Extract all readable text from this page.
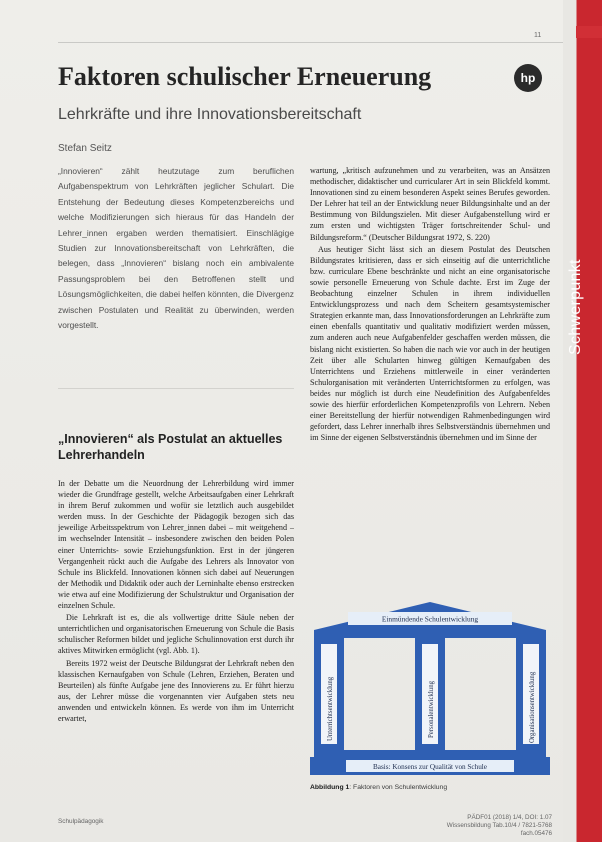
11
Schwerpunkt
hp
Faktoren schulischer Erneuerung
Lehrkräfte und ihre Innovationsbereitschaft
Stefan Seitz

„Innovieren“ zählt heutzutage zum beruflichen Aufgabenspektrum von Lehrkräften jeglicher Schulart. Die Entstehung der Bedeutung dieses Kompetenzbereichs und welche Modifizierungen sich hieraus für das Handeln der Lehrer_innen ergaben werden thematisiert. Einschlägige Studien zur Innovationsbereitschaft von Lehrkräften, die belegen, dass „Innovieren“ bislang noch ein ambivalente Passungsproblem bei den Betroffenen stellt und Lösungsmöglichkeiten, die dabei helfen könnten, die Divergenz zwischen Postulaten und Realität zu überwinden, werden vorgestellt.

„Innovieren“ als Postulat an aktuelles Lehrerhandeln

In der Debatte um die Neuordnung der Lehrerbildung wird immer wieder die Grundfrage gestellt, welche Arbeitsaufgaben einer Lehrkraft in ihrem Beruf zukommen und wofür sie letztlich auch ausgebildet werden muss. In der Geschichte der Pädagogik bezogen sich das jeweilige Arbeitsspektrum von Lehrer_innen dabei – mit weitgehend – im wechselnder Intensität – insbesondere zwischen den beiden Polen einer Unterrichts- sowie Erziehungsfunktion. Erst in der jüngeren Vergangenheit rückt auch die Aufgabe des Lehrers als Innovator von Schule ins Blickfeld. Innovationen können sich dabei auf Neuerungen der Methodik und Didaktik oder auch der Lerninhalte ebenso erstrecken wie etwa auf eine Modifizierung der Schulstruktur und Organisation der einzelnen Schule.

Die Lehrkraft ist es, die als vollwertige dritte Säule neben der unterrichtlichen und organisatorischen Erneuerung von Schule die Basis schulischer Reformen bildet und jegliche Schulinnovation erst durch ihr aktives Mitwirken ermöglicht (vgl. Abb. 1).

Bereits 1972 weist der Deutsche Bildungsrat der Lehrkraft neben den klassischen Kernaufgaben von Schule (Lehren, Erziehen, Beraten und Beurteilen) als fünfte Aufgabe jene des Innovierens zu. Er führt hierzu aus, der Lehrer müsse die vorgenannten vier Aufgaben stets neu anwenden und entwickeln können. Es werde von ihm im Unterricht erwartet,

wartung, „kritisch aufzunehmen und zu verarbeiten, was an Ansätzen methodischer, didaktischer und curricularer Art in sein Blickfeld kommt. Innovationen sind zu einem besonderen Aspekt seines Berufes geworden. Der Lehrer hat teil an der Entwicklung neuer Bildungsinhalte und an der Bestimmung von Bildungszielen. Mit dieser Aufgabenstellung wird er zum ersten und wichtigsten Träger fortschreitender Schul- und Bildungsreform.“ (Deutscher Bildungsrat 1972, S. 220)

Aus heutiger Sicht lässt sich an diesem Postulat des Deutschen Bildungsrates kritisieren, dass er sich einseitig auf die unterrichtliche bzw. curriculare Ebene beschränkte und nicht an eine organisatorische sowie personelle Erneuerung von Schule dachte. Erst im Zuge der Beobachtung einzelner Schulen in ihrem individuellen Entwicklungsprozess und nach dem Scheitern gesamtsystemischer Strategien erkannte man, dass Innovationsforderungen an Lehrkräfte zum einen ebenfalls quantitativ und qualitativ modifiziert werden müssen, zum anderen auch neue Aufgabenfelder geschaffen werden müssen, die bislang nicht existierten. So haben die nach wie vor auch in der heutigen Zeit über alle Schularten hinweg gültigen Kernaufgaben des Unterrichtens und Erziehens mittlerweile in einer veränderten Schulorganisation mit veränderten Unterrichtsformen zu erfolgen, was beides nur möglich ist durch eine Neudefinition des Aufgabenfeldes sowie des hierfür erforderlichen Kompetenzprofils von Lehrern. Neben einer Bereitstellung der hierfür notwendigen Rahmenbedingungen wird gefordert, dass Lehrer innerhalb ihres Selbstverständnis übernehmen und im Sinne der eigenen Selbstverständnis übernehmen und im Sinne der

Einmündende Schulentwicklung
Unterrichtsentwicklung	Personalentwicklung	Organisationsentwicklung
Basis: Konsens zur Qualität von Schule
Abbildung 1: Faktoren von Schulentwicklung
Schulpädagogik
PÄDF01 (2018) 1/4, DOI: 1.07
Wissensbildung Tab.10/4 / 7821-5768 fach.05476
